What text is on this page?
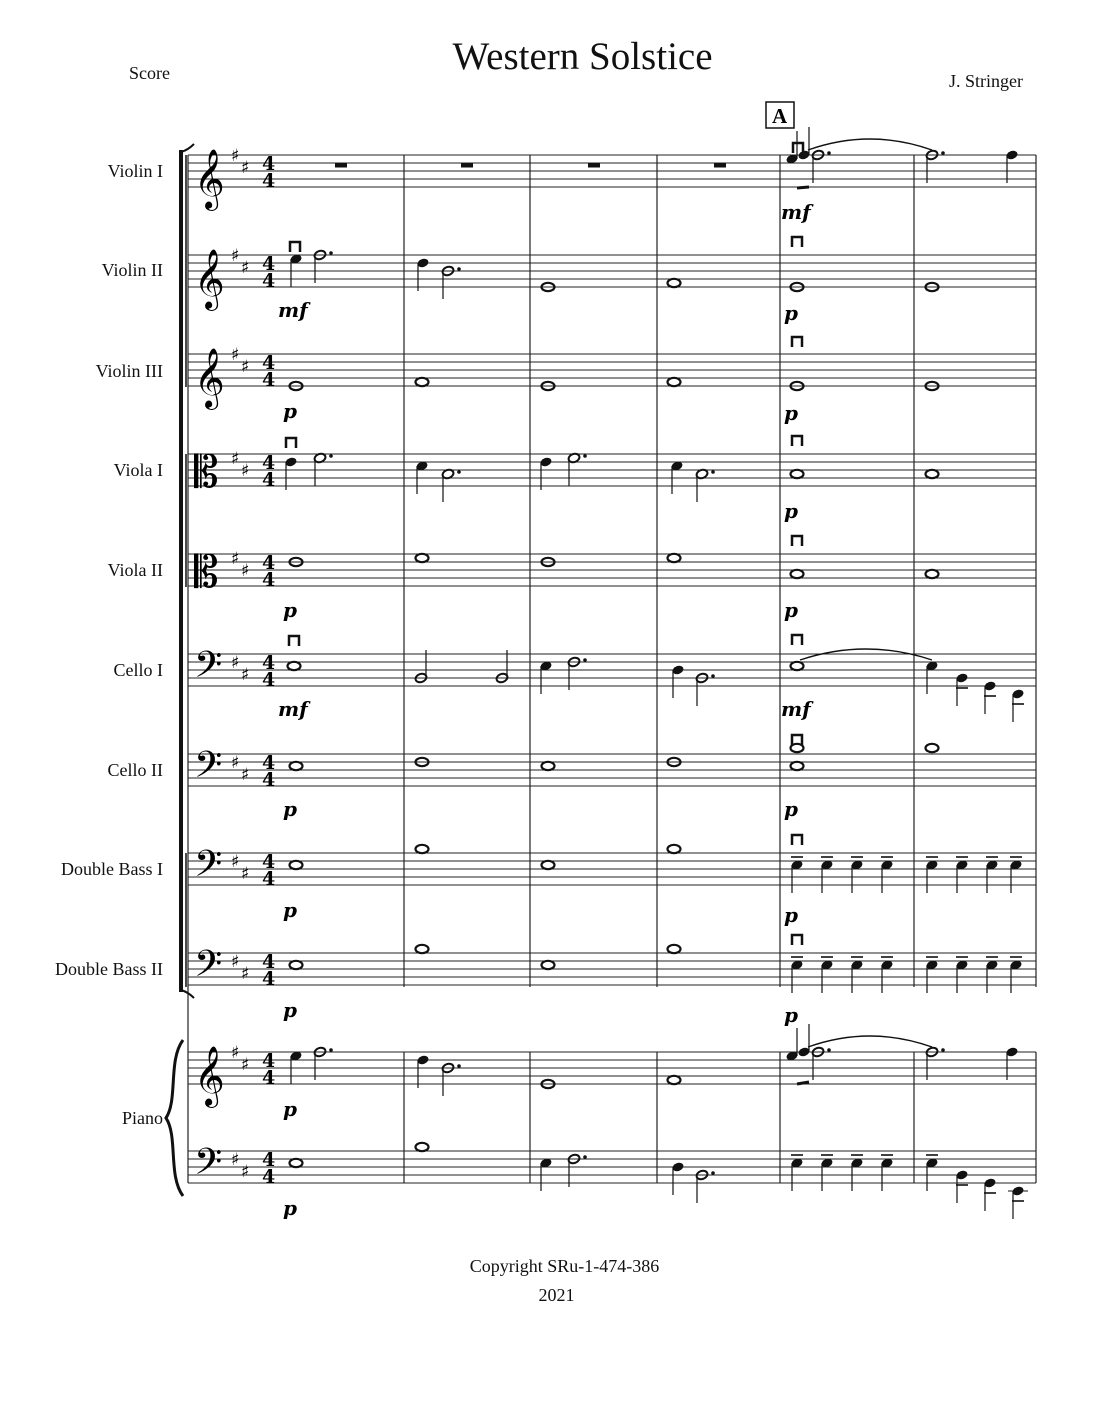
Western Solstice
Score	J. Stringer
Violin I
Violin II
Violin III
Viola I
Viola II
Cello I
Cello II
Double Bass I
Double Bass II
Piano
𝄞 ♯
♯ 4
4
𝄞 ♯
♯ 4
4
𝄞 ♯
♯ 4
4
𝄡 ♯
♯ 4
4
𝄡 ♯
♯ 4
4
𝄢 ♯
♯
4
4
𝄢 ♯
♯
4
4
𝄢 ♯
♯
4
4
𝄢 ♯
♯
4
4
𝄞 ♯
♯ 4
4
𝄢 ♯
♯
4
4
A
mf
mf	p
p	p
p
p	p
mf	mf
p	p
p	p
p	p
p
p
Copyright SRu-1-474-386
2021
